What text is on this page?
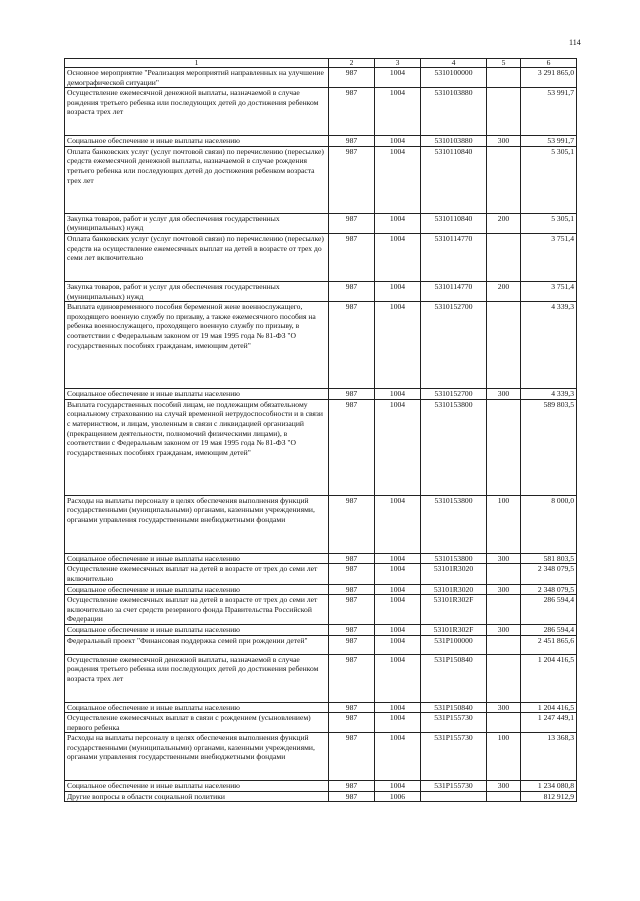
114
1	2	3	4	5	6
Основное мероприятие "Реализация мероприятий направленных на улучшение демографической ситуации"	987	1004	5310100000		3 291 865,0
Осуществление ежемесячной денежной выплаты, назначаемой в случае рождения третьего ребенка или последующих детей до достижения ребенком возраста трех лет	987	1004	5310103880		53 991,7
Социальное обеспечение и иные выплаты населению	987	1004	5310103880	300	53 991,7
Оплата банковских услуг (услуг почтовой связи) по перечислению (пересылке) средств ежемесячной денежной выплаты, назначаемой в случае рождения третьего ребенка или последующих детей до достижения ребенком возраста трех лет	987	1004	5310110840		5 305,1
Закупка товаров, работ и услуг для обеспечения государственных (муниципальных) нужд	987	1004	5310110840	200	5 305,1
Оплата банковских услуг (услуг почтовой связи) по перечислению (пересылке) средств на осуществление ежемесячных выплат на детей в возрасте от трех до семи лет включительно	987	1004	5310114770		3 751,4
Закупка товаров, работ и услуг для обеспечения государственных (муниципальных) нужд	987	1004	5310114770	200	3 751,4
Выплата единовременного пособия беременной жене военнослужащего, проходящего военную службу по призыву, а также ежемесячного пособия на ребенка военнослужащего, проходящего военную службу по призыву, в соответствии с Федеральным законом от 19 мая 1995 года № 81-ФЗ "О государственных пособиях гражданам, имеющим детей"	987	1004	5310152700		4 339,3
Социальное обеспечение и иные выплаты населению	987	1004	5310152700	300	4 339,3
Выплата государственных пособий лицам, не подлежащим обязательному социальному страхованию на случай временной нетрудоспособности и в связи с материнством, и лицам, уволенным в связи с ликвидацией организаций (прекращением деятельности, полномочий физическими лицами), в соответствии с Федеральным законом от 19 мая 1995 года № 81-ФЗ "О государственных пособиях гражданам, имеющим детей"	987	1004	5310153800		589 803,5
Расходы на выплаты персоналу в целях обеспечения выполнения функций государственными (муниципальными) органами, казенными учреждениями, органами управления государственными внебюджетными фондами	987	1004	5310153800	100	8 000,0
Социальное обеспечение и иные выплаты населению	987	1004	5310153800	300	581 803,5
Осуществление ежемесячных выплат на детей в возрасте от трех до семи лет включительно	987	1004	53101R3020		2 348 079,5
Социальное обеспечение и иные выплаты населению	987	1004	53101R3020	300	2 348 079,5
Осуществление ежемесячных выплат на детей в возрасте от трех до семи лет включительно за счет средств резервного фонда Правительства Российской Федерации	987	1004	53101R302F		286 594,4
Социальное обеспечение и иные выплаты населению	987	1004	53101R302F	300	286 594,4
Федеральный проект "Финансовая поддержка семей при рождении детей"	987	1004	531P100000		2 451 865,6
Осуществление ежемесячной денежной выплаты, назначаемой в случае рождения третьего ребенка или последующих детей до достижения ребенком возраста трех лет	987	1004	531P150840		1 204 416,5
Социальное обеспечение и иные выплаты населению	987	1004	531P150840	300	1 204 416,5
Осуществление ежемесячных выплат в связи с рождением (усыновлением) первого ребенка	987	1004	531P155730		1 247 449,1
Расходы на выплаты персоналу в целях обеспечения выполнения функций государственными (муниципальными) органами, казенными учреждениями, органами управления государственными внебюджетными фондами	987	1004	531P155730	100	13 368,3
Социальное обеспечение и иные выплаты населению	987	1004	531P155730	300	1 234 080,8
Другие вопросы в области социальной политики	987	1006			812 912,9
